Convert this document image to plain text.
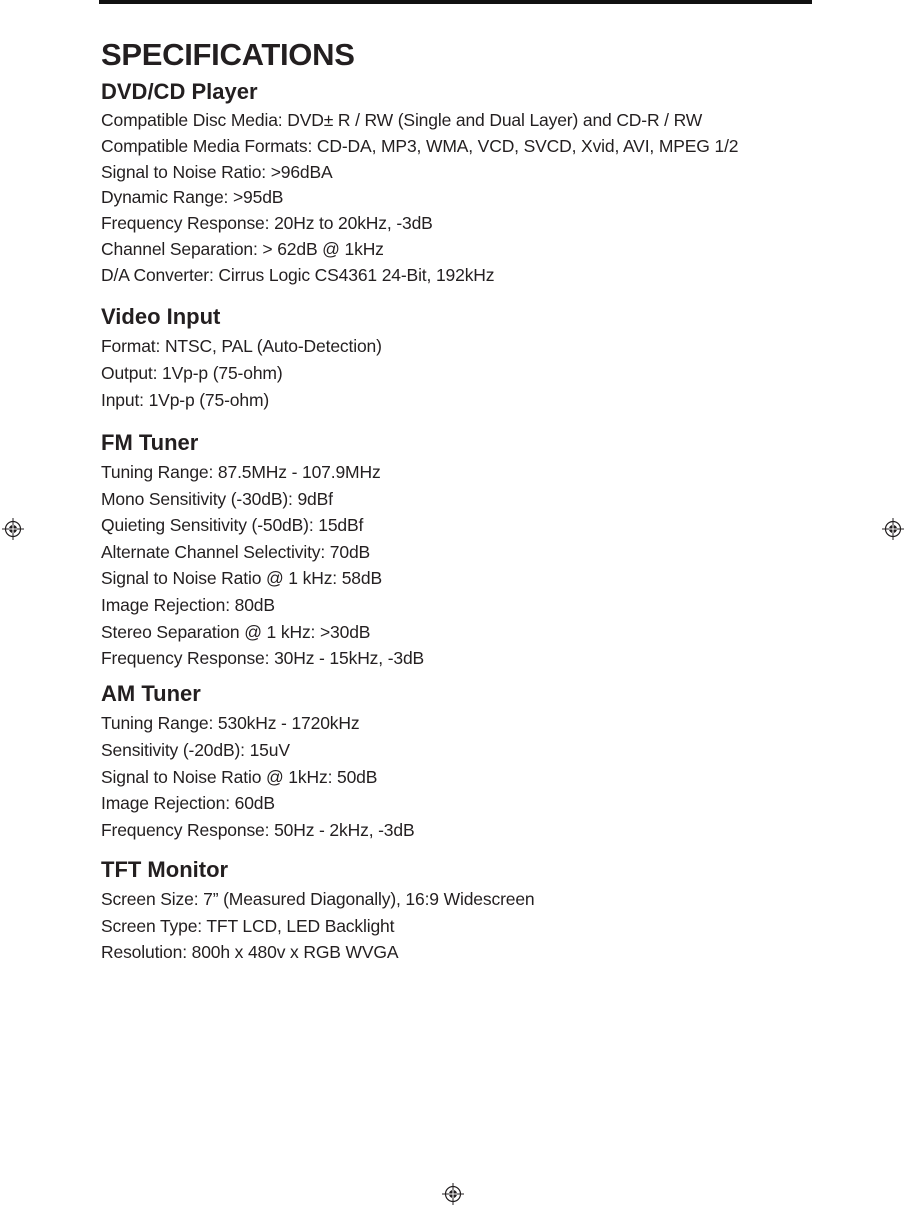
SPECIFICATIONS
DVD/CD Player
Compatible Disc Media: DVD± R / RW (Single and Dual Layer) and CD-R / RW
Compatible Media Formats: CD-DA, MP3, WMA, VCD, SVCD, Xvid, AVI, MPEG 1/2
Signal to Noise Ratio: >96dBA
Dynamic Range: >95dB
Frequency Response: 20Hz to 20kHz, -3dB
Channel Separation: > 62dB @ 1kHz
D/A Converter: Cirrus Logic CS4361 24-Bit, 192kHz
Video Input
Format: NTSC, PAL (Auto-Detection)
Output: 1Vp-p (75-ohm)
Input: 1Vp-p (75-ohm)
FM Tuner
Tuning Range: 87.5MHz - 107.9MHz
Mono Sensitivity (-30dB): 9dBf
Quieting Sensitivity (-50dB): 15dBf
Alternate Channel Selectivity: 70dB
Signal to Noise Ratio @ 1 kHz: 58dB
Image Rejection: 80dB
Stereo Separation @ 1 kHz: >30dB
Frequency Response: 30Hz - 15kHz, -3dB
AM Tuner
Tuning Range: 530kHz - 1720kHz
Sensitivity (-20dB): 15uV
Signal to Noise Ratio @ 1kHz: 50dB
Image Rejection: 60dB
Frequency Response: 50Hz - 2kHz, -3dB
TFT Monitor
Screen Size: 7” (Measured Diagonally), 16:9 Widescreen
Screen Type: TFT LCD, LED Backlight
Resolution: 800h x 480v x RGB WVGA
